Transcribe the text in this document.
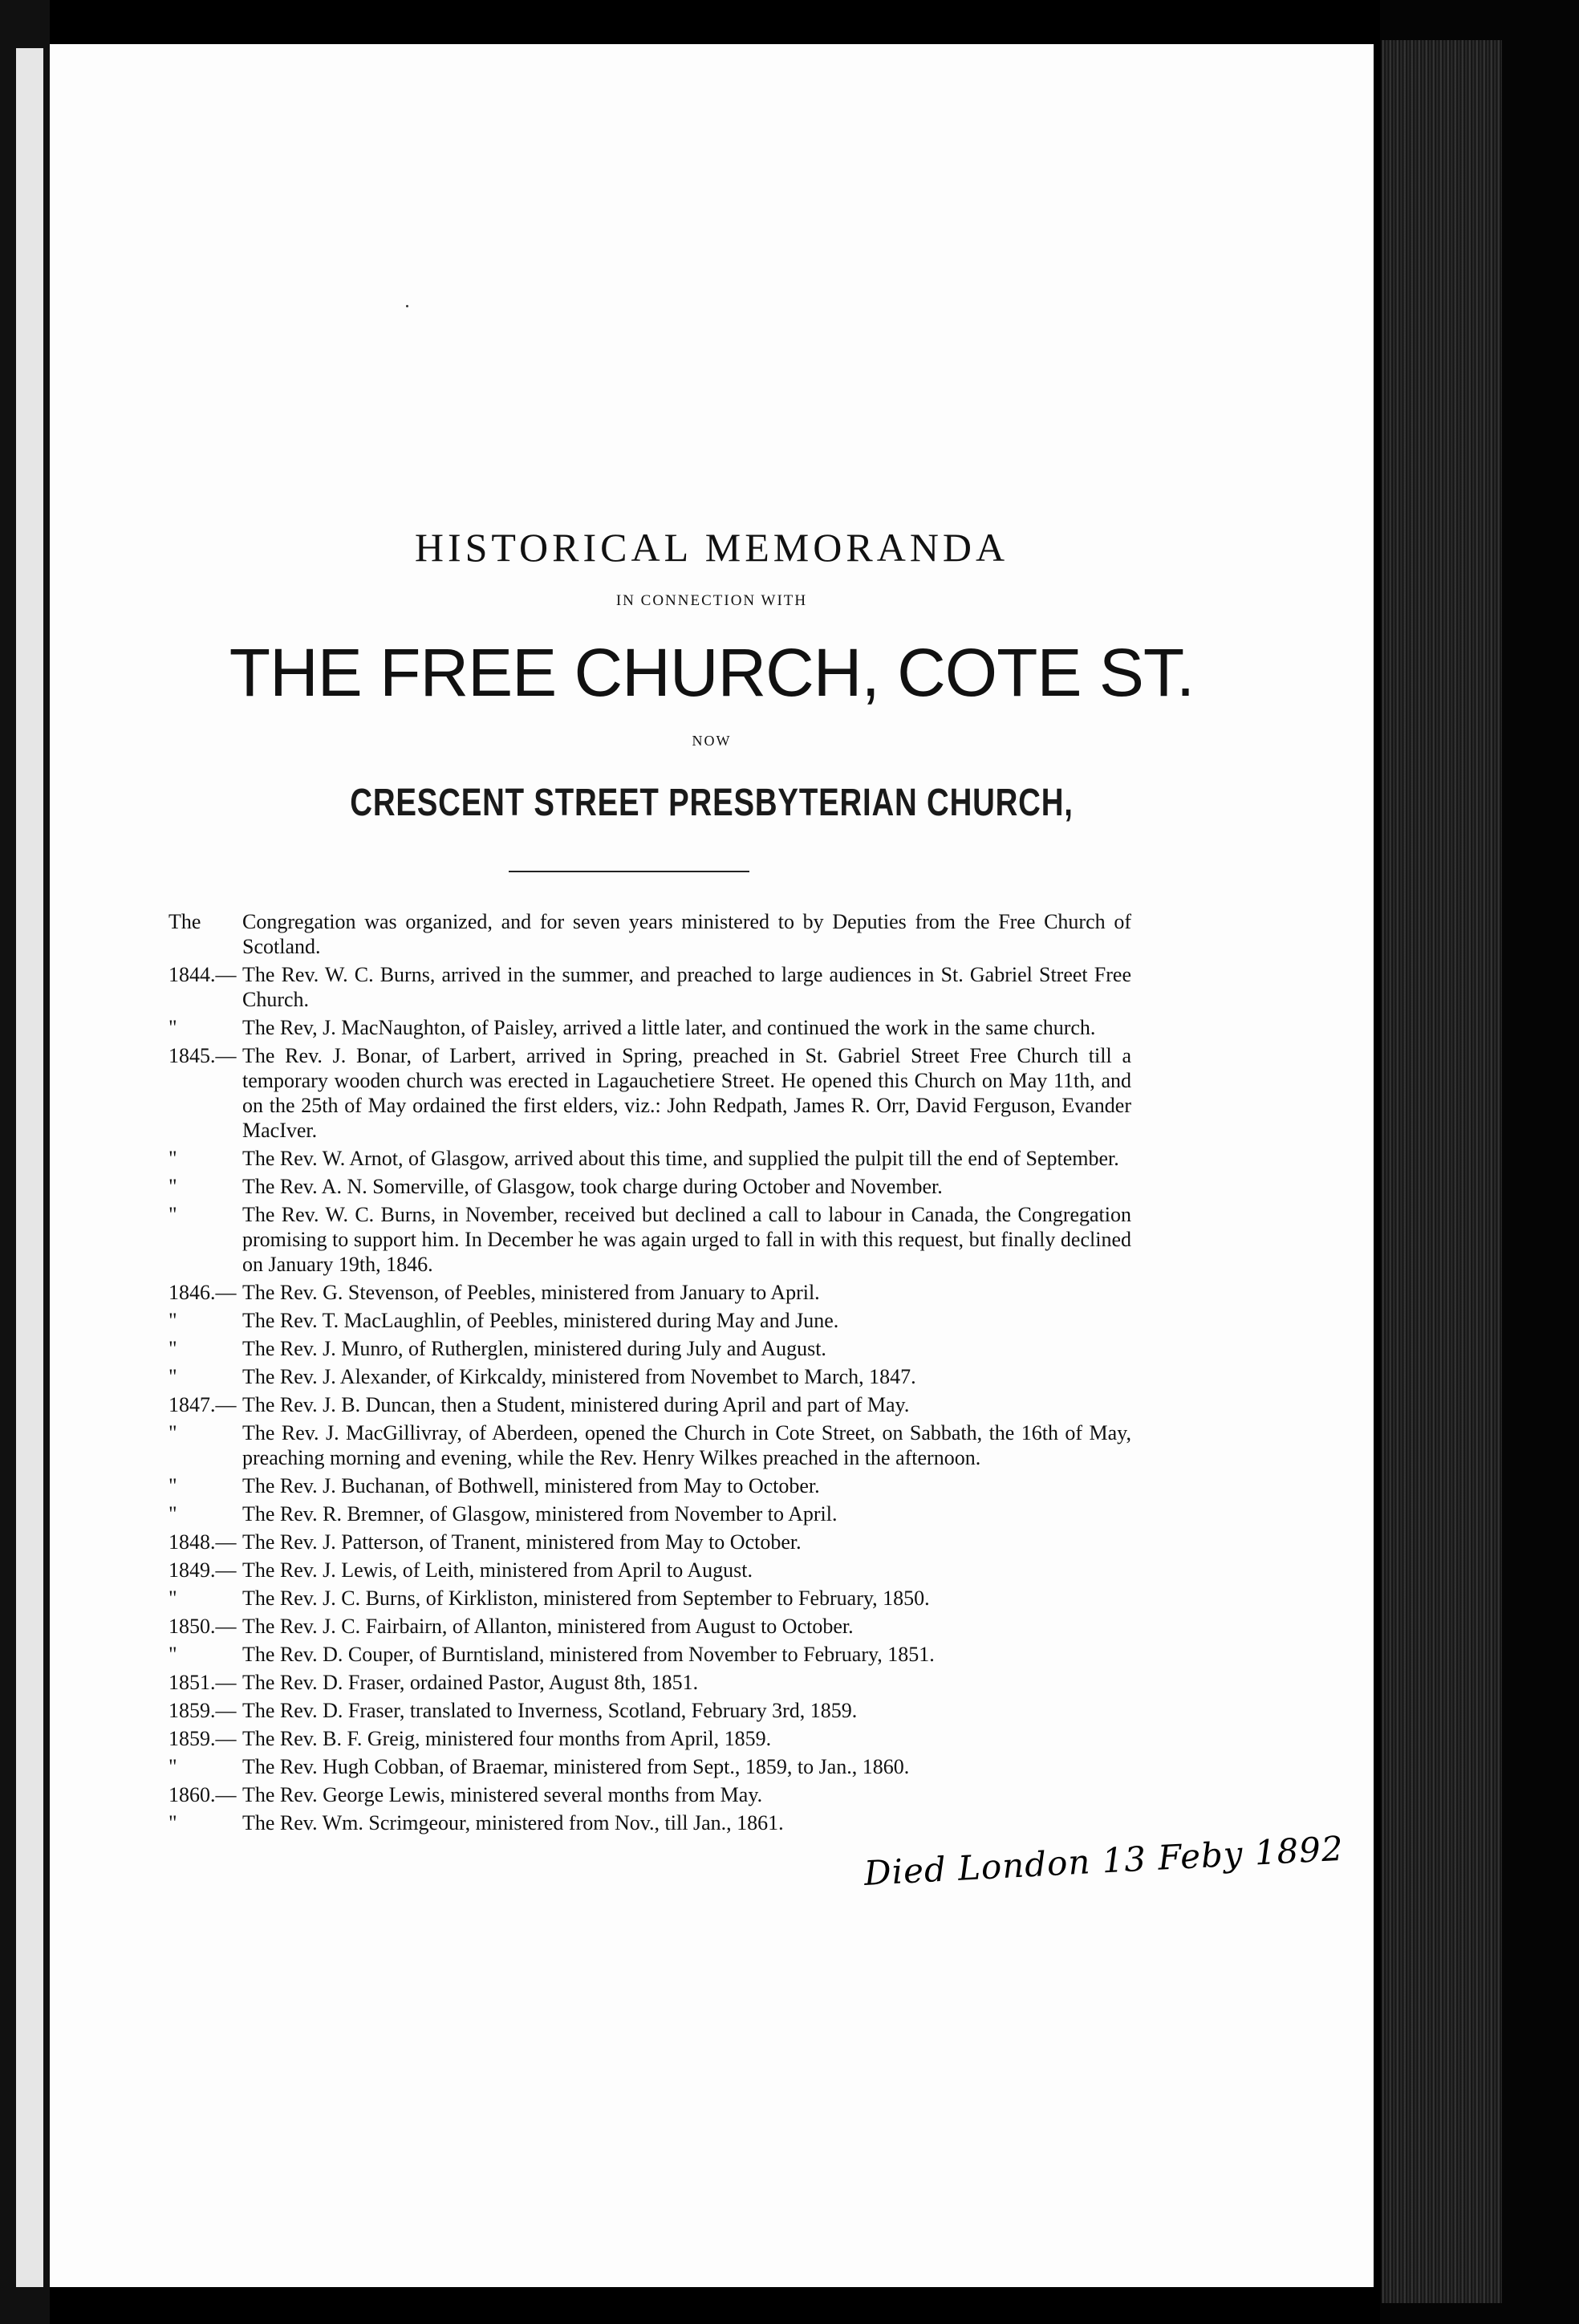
HISTORICAL MEMORANDA
IN CONNECTION WITH
THE FREE CHURCH, COTE ST.
NOW
CRESCENT STREET PRESBYTERIAN CHURCH,
The	Congregation was organized, and for seven years ministered to by Deputies from the Free Church of Scotland.
1844.— The Rev. W. C. Burns, arrived in the summer, and preached to large audiences in St. Gabriel Street Free Church.
"	The Rev, J. MacNaughton, of Paisley, arrived a little later, and continued the work in the same church.
1845.— The Rev. J. Bonar, of Larbert, arrived in Spring, preached in St. Gabriel Street Free Church till a temporary wooden church was erected in Lagauchetiere Street. He opened this Church on May 11th, and on the 25th of May ordained the first elders, viz.: John Redpath, James R. Orr, David Ferguson, Evander MacIver.
"	The Rev. W. Arnot, of Glasgow, arrived about this time, and supplied the pulpit till the end of September.
"	The Rev. A. N. Somerville, of Glasgow, took charge during October and November.
"	The Rev. W. C. Burns, in November, received but declined a call to labour in Canada, the Congregation promising to support him. In December he was again urged to fall in with this request, but finally declined on January 19th, 1846.
1846.— The Rev. G. Stevenson, of Peebles, ministered from January to April.
"	The Rev. T. MacLaughlin, of Peebles, ministered during May and June.
"	The Rev. J. Munro, of Rutherglen, ministered during July and August.
"	The Rev. J. Alexander, of Kirkcaldy, ministered from Novembet to March, 1847.
1847.— The Rev. J. B. Duncan, then a Student, ministered during April and part of May.
"	The Rev. J. MacGillivray, of Aberdeen, opened the Church in Cote Street, on Sabbath, the 16th of May, preaching morning and evening, while the Rev. Henry Wilkes preached in the afternoon.
"	The Rev. J. Buchanan, of Bothwell, ministered from May to October.
"	The Rev. R. Bremner, of Glasgow, ministered from November to April.
1848.— The Rev. J. Patterson, of Tranent, ministered from May to October.
1849.— The Rev. J. Lewis, of Leith, ministered from April to August.
"	The Rev. J. C. Burns, of Kirkliston, ministered from September to February, 1850.
1850.— The Rev. J. C. Fairbairn, of Allanton, ministered from August to October.
"	The Rev. D. Couper, of Burntisland, ministered from November to February, 1851.
1851.— The Rev. D. Fraser, ordained Pastor, August 8th, 1851.
1859.— The Rev. D. Fraser, translated to Inverness, Scotland, February 3rd, 1859.
1859.— The Rev. B. F. Greig, ministered four months from April, 1859.
"	The Rev. Hugh Cobban, of Braemar, ministered from Sept., 1859, to Jan., 1860.
1860.— The Rev. George Lewis, ministered several months from May.
"	The Rev. Wm. Scrimgeour, ministered from Nov., till Jan., 1861.
Died London 13 Feby 1892
